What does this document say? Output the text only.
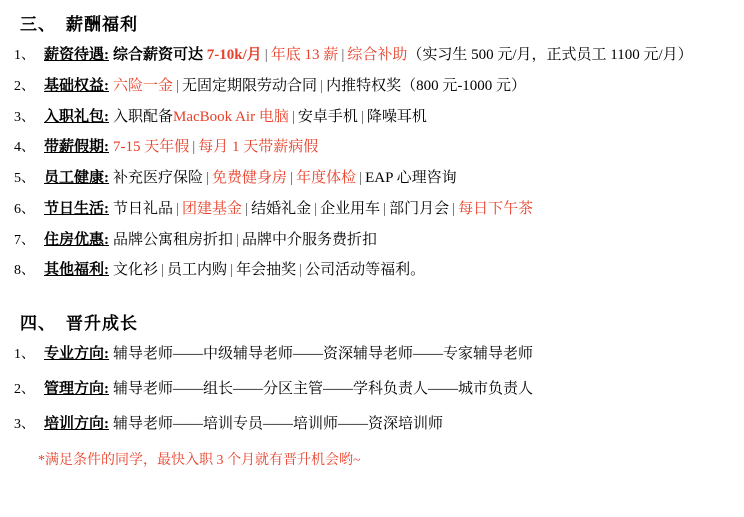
三、 薪酬福利
1、 薪资待遇: 综合薪资可达 7-10k/月 | 年底 13 薪 | 综合补助（实习生 500 元/月，正式员工 1100 元/月）
2、 基础权益: 六险一金 | 无固定期限劳动合同 | 内推特权奖（800 元-1000 元）
3、 入职礼包: 入职配备MacBook Air 电脑 | 安卓手机 | 降噪耳机
4、 带薪假期: 7-15 天年假 | 每月 1 天带薪病假
5、 员工健康: 补充医疗保险 | 免费健身房 | 年度体检 | EAP 心理咨询
6、 节日生活: 节日礼品 | 团建基金 | 结婚礼金 | 企业用车 | 部门月会 | 每日下午茶
7、 住房优惠: 品牌公寓租房折扣 | 品牌中介服务费折扣
8、 其他福利: 文化衫 | 员工内购 | 年会抽奖 | 公司活动等福利。
四、 晋升成长
1、 专业方向: 辅导老师——中级辅导老师——资深辅导老师——专家辅导老师
2、 管理方向: 辅导老师——组长——分区主管——学科负责人——城市负责人
3、 培训方向: 辅导老师——培训专员——培训师——资深培训师
*满足条件的同学，最快入职 3 个月就有晋升机会哟~
